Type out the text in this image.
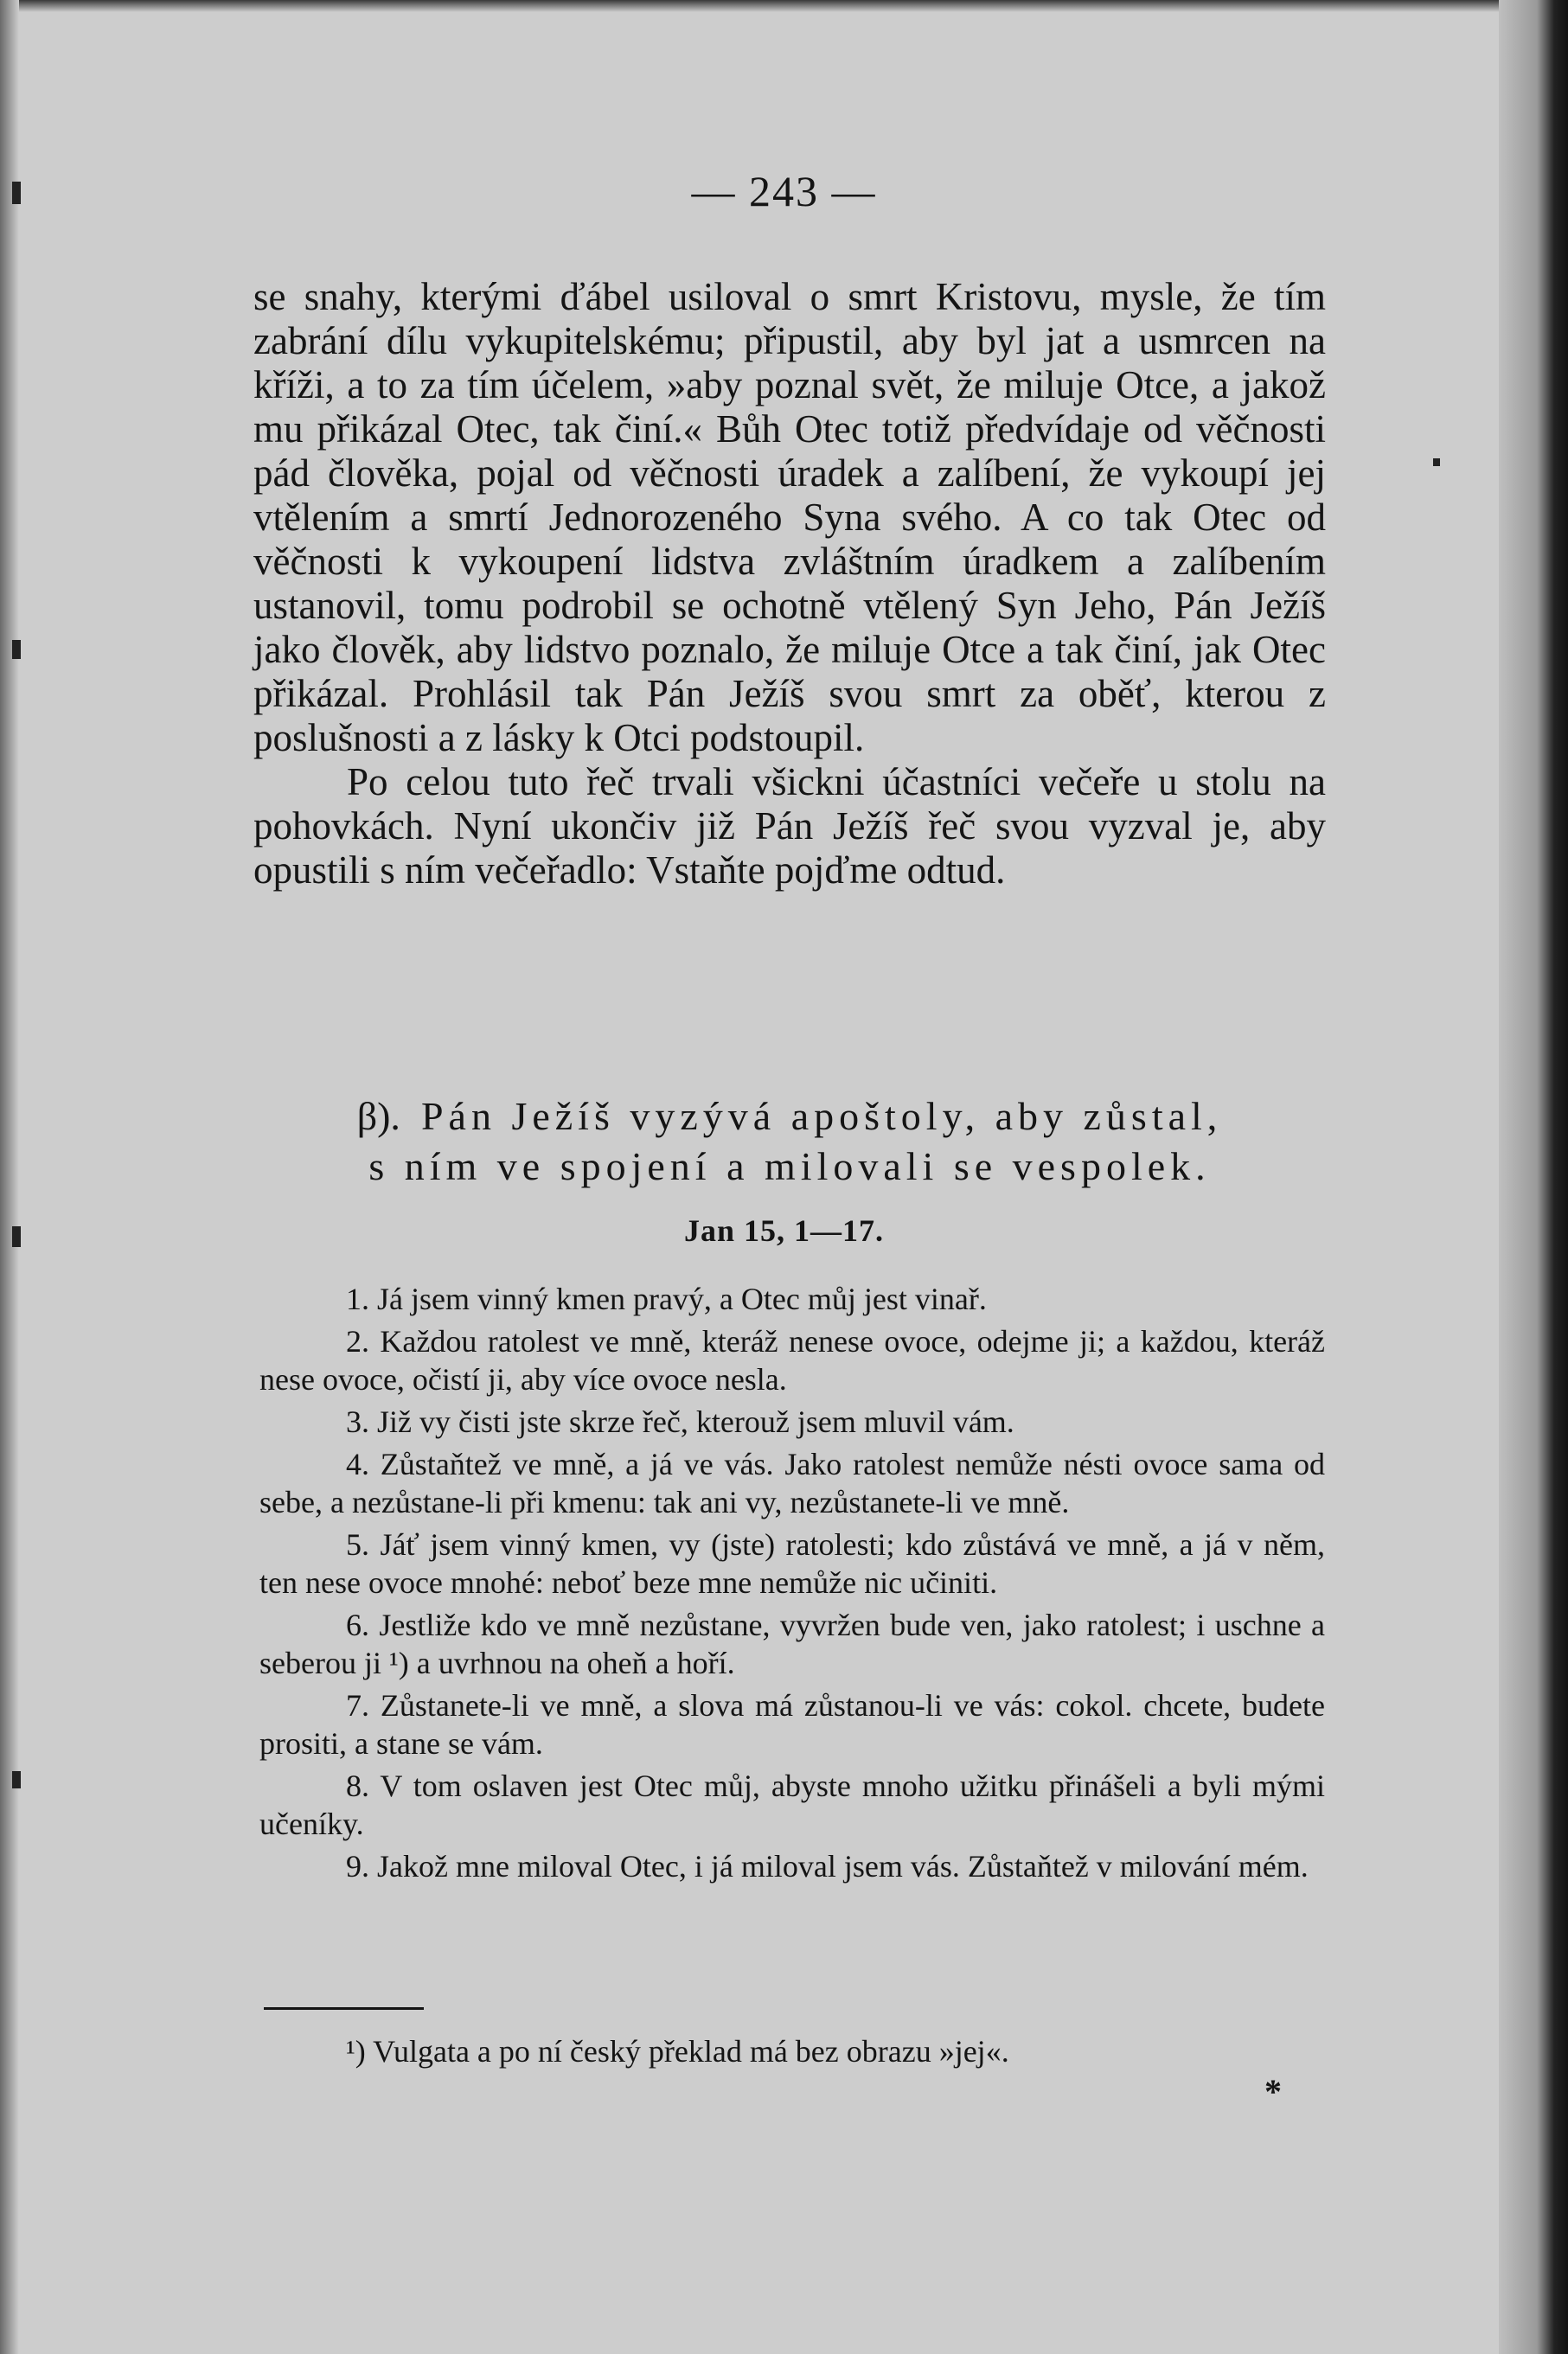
— 243 —

se snahy, kterými ďábel usiloval o smrt Kristovu, mysle, že tím zabrání dílu vykupitelskému; připustil, aby byl jat a usmrcen na kříži, a to za tím účelem, »aby poznal svět, že miluje Otce, a jakož mu přikázal Otec, tak činí.« Bůh Otec totiž předvídaje od věčnosti pád člověka, pojal od věčnosti úradek a zalíbení, že vykoupí jej vtělením a smrtí Jednorozeného Syna svého. A co tak Otec od věčnosti k vykoupení lidstva zvláštním úradkem a zalíbením ustanovil, tomu podrobil se ochotně vtělený Syn Jeho, Pán Ježíš jako člověk, aby lidstvo poznalo, že miluje Otce a tak činí, jak Otec přikázal. Prohlásil tak Pán Ježíš svou smrt za oběť, kterou z poslušnosti a z lásky k Otci podstoupil.

Po celou tuto řeč trvali všickni účastníci večeře u stolu na pohovkách. Nyní ukončiv již Pán Ježíš řeč svou vyzval je, aby opustili s ním večeřadlo: Vstaňte pojďme odtud.

β). Pán Ježíš vyzývá apoštoly, aby zůstal,
s ním ve spojení a milovali se vespolek.
Jan 15, 1—17.

1. Já jsem vinný kmen pravý, a Otec můj jest vinař.

2. Každou ratolest ve mně, kteráž nenese ovoce, odejme ji; a každou, kteráž nese ovoce, očistí ji, aby více ovoce nesla.

3. Již vy čisti jste skrze řeč, kterouž jsem mluvil vám.

4. Zůstaňtež ve mně, a já ve vás. Jako ratolest nemůže nésti ovoce sama od sebe, a nezůstane-li při kmenu: tak ani vy, nezůstanete-li ve mně.

5. Jáť jsem vinný kmen, vy (jste) ratolesti; kdo zůstává ve mně, a já v něm, ten nese ovoce mnohé: neboť beze mne nemůže nic učiniti.

6. Jestliže kdo ve mně nezůstane, vyvržen bude ven, jako ratolest; i uschne a seberou ji ¹) a uvrhnou na oheň a hoří.

7. Zůstanete-li ve mně, a slova má zůstanou-li ve vás: cokol. chcete, budete prositi, a stane se vám.

8. V tom oslaven jest Otec můj, abyste mnoho užitku přinášeli a byli mými učeníky.

9. Jakož mne miloval Otec, i já miloval jsem vás. Zůstaňtež v milování mém.

¹) Vulgata a po ní český překlad má bez obrazu »jej«.
*
